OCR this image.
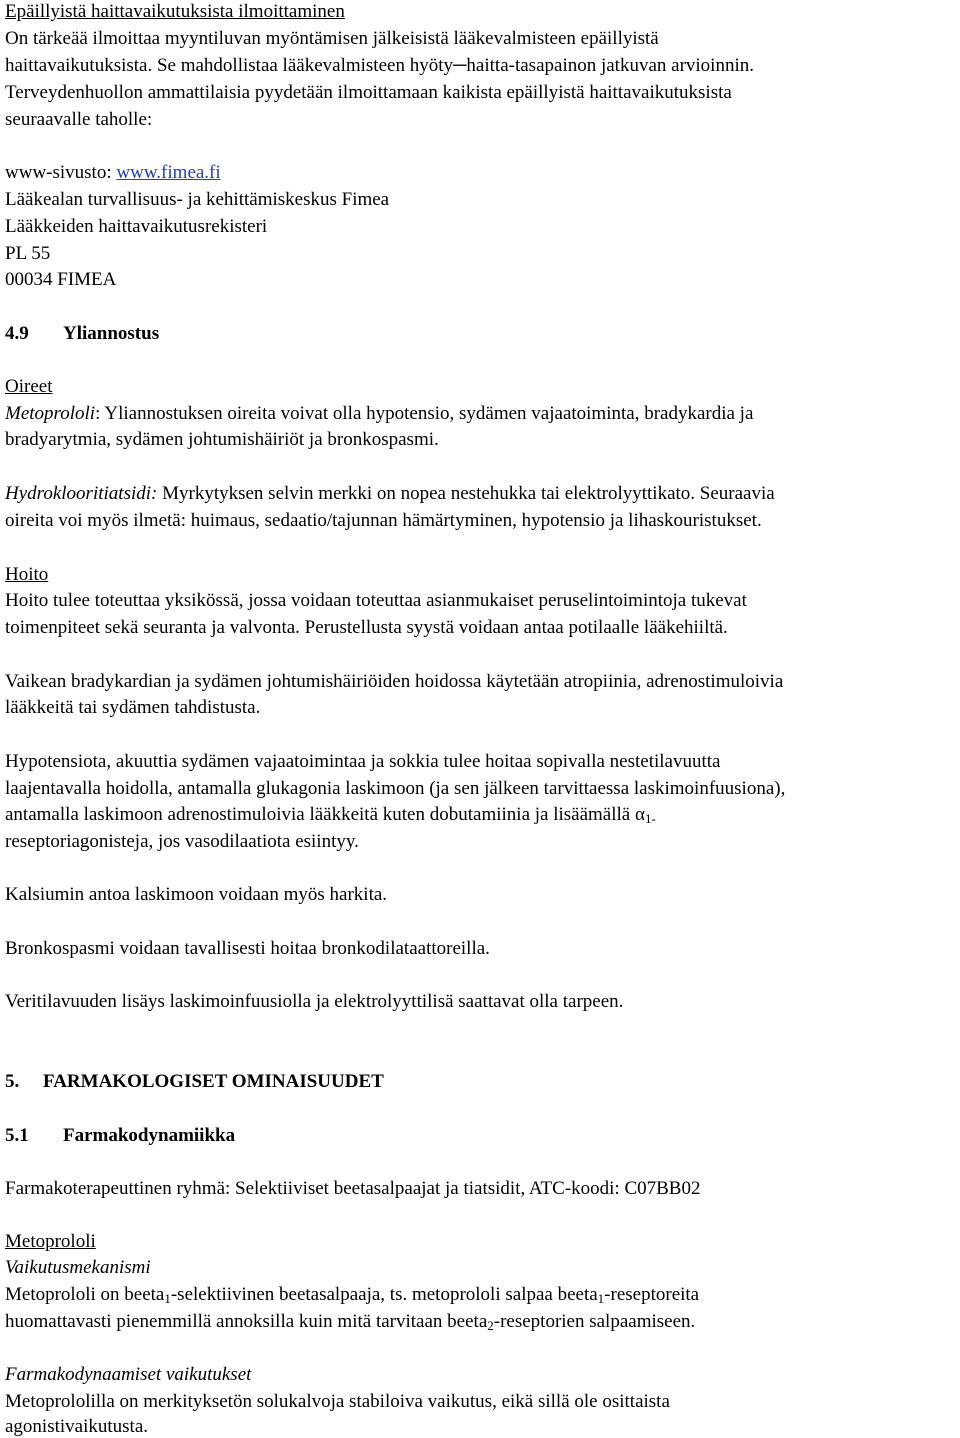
Epäillyistä haittavaikutuksista ilmoittaminen
On tärkeää ilmoittaa myyntiluvan myöntämisen jälkeisistä lääkevalmisteen epäillyistä
haittavaikutuksista. Se mahdollistaa lääkevalmisteen hyöty─haitta-tasapainon jatkuvan arvioinnin.
Terveydenhuollon ammattilaisia pyydetään ilmoittamaan kaikista epäillyistä haittavaikutuksista
seuraavalle taholle:
www-sivusto: www.fimea.fi
Lääkealan turvallisuus- ja kehittämiskeskus Fimea
Lääkkeiden haittavaikutusrekisteri
PL 55
00034 FIMEA
4.9 Yliannostus
Oireet
Metoprololi: Yliannostuksen oireita voivat olla hypotensio, sydämen vajaatoiminta, bradykardia ja
bradyarytmia, sydämen johtumishäiriöt ja bronkospasmi.
Hydroklooritiatsidi: Myrkytyksen selvin merkki on nopea nestehukka tai elektrolyyttikato. Seuraavia
oireita voi myös ilmetä: huimaus, sedaatio/tajunnan hämärtyminen, hypotensio ja lihaskouristukset.
Hoito
Hoito tulee toteuttaa yksikössä, jossa voidaan toteuttaa asianmukaiset peruselintoimintoja tukevat
toimenpiteet sekä seuranta ja valvonta. Perustellusta syystä voidaan antaa potilaalle lääkehiiltä.
Vaikean bradykardian ja sydämen johtumishäiriöiden hoidossa käytetään atropiinia, adrenostimuloivia
lääkkeitä tai sydämen tahdistusta.
Hypotensiota, akuuttia sydämen vajaatoimintaa ja sokkia tulee hoitaa sopivalla nestetilavuutta
laajentavalla hoidolla, antamalla glukagonia laskimoon (ja sen jälkeen tarvittaessa laskimoinfuusiona),
antamalla laskimoon adrenostimuloivia lääkkeitä kuten dobutamiinia ja lisäämällä $\alpha_{1-}$
reseptoriagonisteja, jos vasodilaatiota esiintyy.
Kalsiumin antoa laskimoon voidaan myös harkita.
Bronkospasmi voidaan tavallisesti hoitaa bronkodilataattoreilla.
Veritilavuuden lisäys laskimoinfuusiolla ja elektrolyyttilisä saattavat olla tarpeen.
5. FARMAKOLOGISET OMINAISUUDET
5.1 Farmakodynamiikka
Farmakoterapeuttinen ryhmä: Selektiiviset beetasalpaajat ja tiatsidit, ATC-koodi: C07BB02
Metoprololi
Vaikutusmekanismi
Metoprololi on beeta$_1$-selektiivinen beetasalpaaja, ts. metoprololi salpaa beeta$_1$-reseptoreita
huomattavasti pienemmillä annoksilla kuin mitä tarvitaan beeta$_2$-reseptorien salpaamiseen.
Farmakodynaamiset vaikutukset
Metoprololilla on merkityksetön solukalvoja stabiloiva vaikutus, eikä sillä ole osittaista
agonistivaikutusta.
